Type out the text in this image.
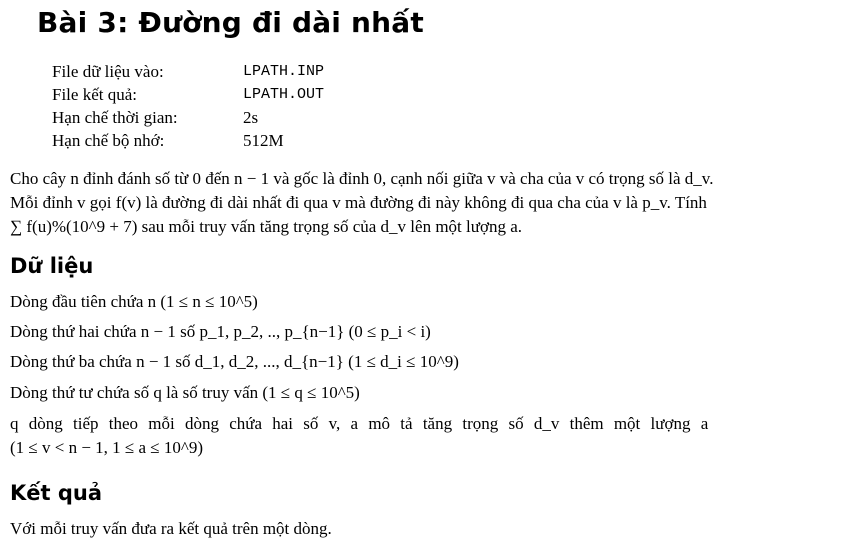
Bài 3: Đường đi dài nhất
File dữ liệu vào:	LPATH.INP
File kết quả:	LPATH.OUT
Hạn chế thời gian:	2s
Hạn chế bộ nhớ:	512M

Cho cây n đỉnh đánh số từ 0 đến n − 1 và gốc là đỉnh 0, cạnh nối giữa v và cha của v có trọng số là d_v.

Mỗi đỉnh v gọi f(v) là đường đi dài nhất đi qua v mà đường đi này không đi qua cha của v là p_v. Tính

∑ f(u)%(10^9 + 7) sau mỗi truy vấn tăng trọng số của d_v lên một lượng a.

Dữ liệu
Dòng đầu tiên chứa n (1 ≤ n ≤ 10^5)
Dòng thứ hai chứa n − 1 số p_1, p_2, .., p_{n−1} (0 ≤ p_i < i)
Dòng thứ ba chứa n − 1 số d_1, d_2, ..., d_{n−1} (1 ≤ d_i ≤ 10^9)
Dòng thứ tư chứa số q là số truy vấn (1 ≤ q ≤ 10^5)
q dòng tiếp theo mỗi dòng chứa hai số v, a mô tả tăng trọng số d_v thêm một lượng a
(1 ≤ v < n − 1, 1 ≤ a ≤ 10^9)
Kết quả
Với mỗi truy vấn đưa ra kết quả trên một dòng.
